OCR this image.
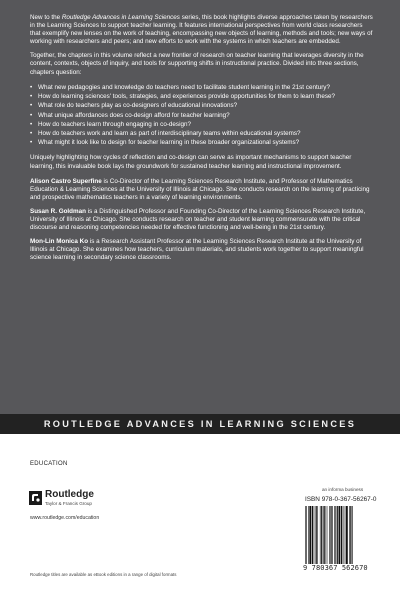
New to the Routledge Advances in Learning Sciences series, this book highlights diverse approaches taken by researchers in the Learning Sciences to support teacher learning. It features international perspectives from world class researchers that exemplify new lenses on the work of teaching, encompassing new objects of learning, methods and tools; new ways of working with researchers and peers; and new efforts to work with the systems in which teachers are embedded.

Together, the chapters in this volume reflect a new frontier of research on teacher learning that leverages diversity in the content, contexts, objects of inquiry, and tools for supporting shifts in instructional practice. Divided into three sections, chapters question:

• What new pedagogies and knowledge do teachers need to facilitate student learning in the 21st century?
• How do learning sciences' tools, strategies, and experiences provide opportunities for them to learn these?
• What role do teachers play as co-designers of educational innovations?
• What unique affordances does co-design afford for teacher learning?
• How do teachers learn through engaging in co-design?
• How do teachers work and learn as part of interdisciplinary teams within educational systems?
• What might it look like to design for teacher learning in these broader organizational systems?

Uniquely highlighting how cycles of reflection and co-design can serve as important mechanisms to support teacher learning, this invaluable book lays the groundwork for sustained teacher learning and instructional improvement.

Alison Castro Superfine is Co-Director of the Learning Sciences Research Institute, and Professor of Mathematics Education & Learning Sciences at the University of Illinois at Chicago. She conducts research on the learning of practicing and prospective mathematics teachers in a variety of learning environments.

Susan R. Goldman is a Distinguished Professor and Founding Co-Director of the Learning Sciences Research Institute, University of Illinois at Chicago. She conducts research on teacher and student learning commensurate with the critical discourse and reasoning competencies needed for effective functioning and well-being in the 21st century.

Mon-Lin Monica Ko is a Research Assistant Professor at the Learning Sciences Research Institute at the University of Illinois at Chicago. She examines how teachers, curriculum materials, and students work together to support meaningful science learning in secondary science classrooms.

ROUTLEDGE ADVANCES IN LEARNING SCIENCES
EDUCATION
Routledge
Taylor & Francis Group
www.routledge.com/education
Routledge titles are available as eBook editions in a range of digital formats
an informa business
ISBN 978-0-367-56267-0
9 780367 562670
